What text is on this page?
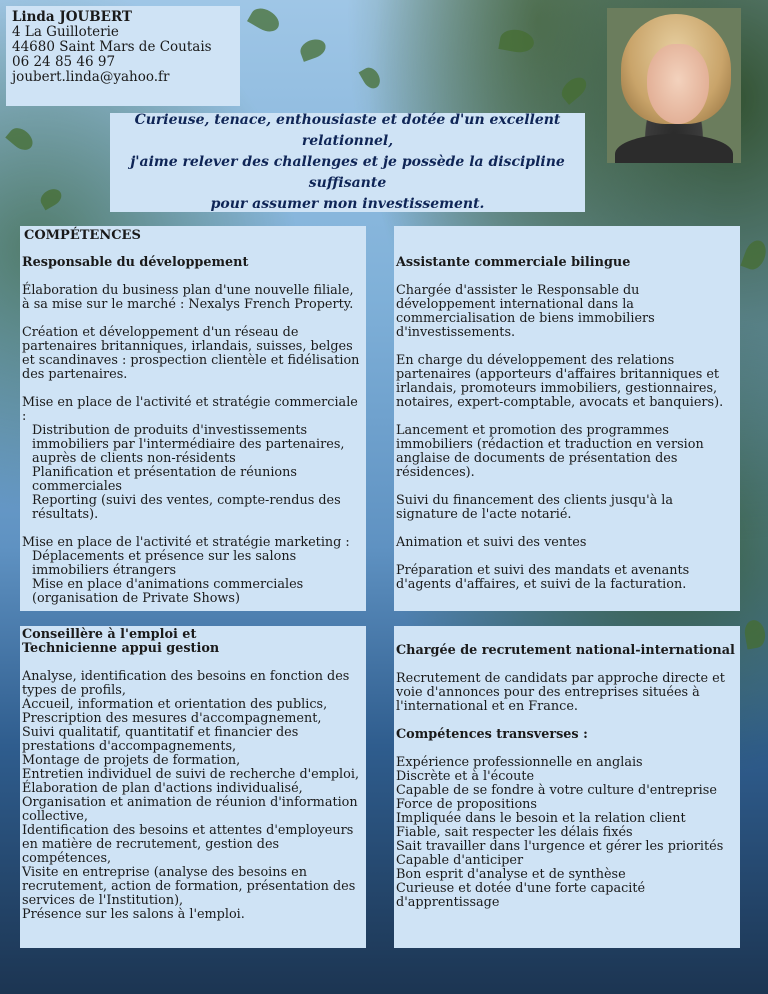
Linda JOUBERT
4 La Guilloterie
44680 Saint Mars de Coutais
06 24 85 46 97
joubert.linda@yahoo.fr
Curieuse, tenace, enthousiaste et dotée d'un excellent relationnel,
j'aime relever des challenges et je possède la discipline suffisante
pour assumer mon investissement.

Responsable du développement

Élaboration du business plan d'une nouvelle filiale, à sa mise sur le marché : Nexalys French Property.

Création et développement d'un réseau de partenaires britanniques, irlandais, suisses, belges et scandinaves : prospection clientèle et fidélisation des partenaires.

Mise en place de l'activité et stratégie commerciale :

Distribution de produits d'investissements immobiliers par l'intermédiaire des partenaires, auprès de clients non-résidents

Planification et présentation de réunions commerciales

Reporting (suivi des ventes, compte-rendus des résultats).

Mise en place de l'activité et stratégie marketing :

Déplacements et présence sur les salons immobiliers étrangers

Mise en place d'animations commerciales (organisation de Private Shows)

COMPÉTENCES

Assistante commerciale bilingue

Chargée d'assister le Responsable du développement international dans la commercialisation de biens immobiliers d'investissements.

En charge du développement des relations partenaires (apporteurs d'affaires britanniques et irlandais, promoteurs immobiliers, gestionnaires, notaires, expert-comptable, avocats et banquiers).

Lancement et promotion des programmes immobiliers (rédaction et traduction en version anglaise de documents de présentation des résidences).

Suivi du financement des clients jusqu'à la signature de l'acte notarié.

Animation et suivi des ventes

Préparation et suivi des mandats et avenants d'agents d'affaires, et suivi de la facturation.

Conseillère à l'emploi et

Technicienne appui gestion

Analyse, identification des besoins en fonction des types de profils,

Accueil, information et orientation des publics,

Prescription des mesures d'accompagnement,

Suivi qualitatif, quantitatif et financier des prestations d'accompagnements,

Montage de projets de formation,

Entretien individuel de suivi de recherche d'emploi,

Élaboration de plan d'actions individualisé,

Organisation et animation de réunion d'information collective,

Identification des besoins et attentes d'employeurs en matière de recrutement, gestion des compétences,

Visite en entreprise (analyse des besoins en recrutement, action de formation, présentation des services de l'Institution),

Présence sur les salons à l'emploi.

Chargée de recrutement national-international

Recrutement de candidats par approche directe et voie d'annonces pour des entreprises situées à l'international et en France.

Compétences transverses :

Expérience professionnelle en anglais

Discrète et à l'écoute

Capable de se fondre à votre culture d'entreprise

Force de propositions

Impliquée dans le besoin et la relation client

Fiable, sait respecter les délais fixés

Sait travailler dans l'urgence et gérer les priorités

Capable d'anticiper

Bon esprit d'analyse et de synthèse

Curieuse et dotée d'une forte capacité d'apprentissage
